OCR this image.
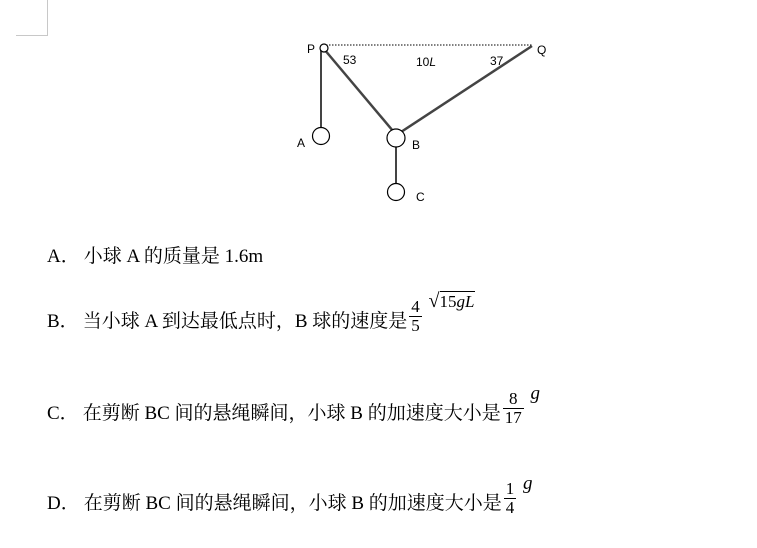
P	Q
A	B
C
53	37
10L
A． 小球 A 的质量是 1.6m
B． 当小球 A 到达最低点时，B 球的速度是 $\frac{4}{5}$
√ 15gL
C． 在剪断 BC 间的悬绳瞬间，小球 B 的加速度大小是 $\frac{8}{17}$ g
D． 在剪断 BC 间的悬绳瞬间，小球 B 的加速度大小是 $\frac{1}{4}$ g
